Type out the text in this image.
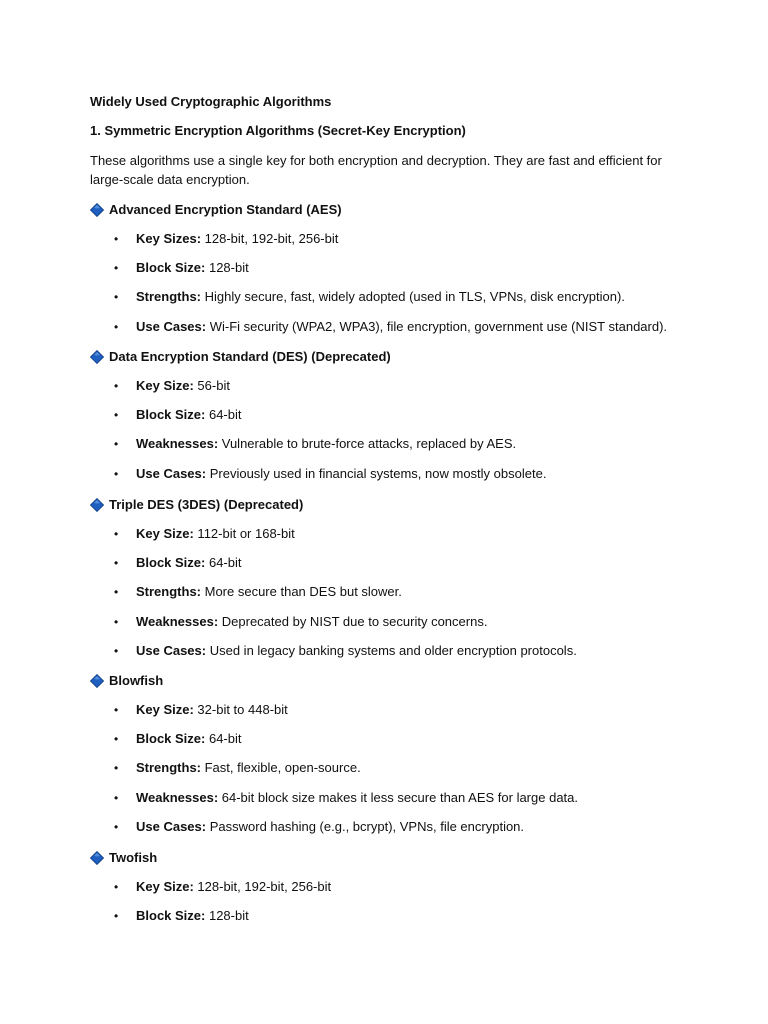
Widely Used Cryptographic Algorithms

1. Symmetric Encryption Algorithms (Secret-Key Encryption)

These algorithms use a single key for both encryption and decryption. They are fast and efficient for
large-scale data encryption.
Advanced Encryption Standard (AES)
• Key Sizes: 128-bit, 192-bit, 256-bit
• Block Size: 128-bit
• Strengths: Highly secure, fast, widely adopted (used in TLS, VPNs, disk encryption).
• Use Cases: Wi-Fi security (WPA2, WPA3), file encryption, government use (NIST standard).
Data Encryption Standard (DES) (Deprecated)
• Key Size: 56-bit
• Block Size: 64-bit
• Weaknesses: Vulnerable to brute-force attacks, replaced by AES.
• Use Cases: Previously used in financial systems, now mostly obsolete.
Triple DES (3DES) (Deprecated)
• Key Size: 112-bit or 168-bit
• Block Size: 64-bit
• Strengths: More secure than DES but slower.
• Weaknesses: Deprecated by NIST due to security concerns.
• Use Cases: Used in legacy banking systems and older encryption protocols.
Blowfish
• Key Size: 32-bit to 448-bit
• Block Size: 64-bit
• Strengths: Fast, flexible, open-source.
• Weaknesses: 64-bit block size makes it less secure than AES for large data.
• Use Cases: Password hashing (e.g., bcrypt), VPNs, file encryption.
Twofish
• Key Size: 128-bit, 192-bit, 256-bit
• Block Size: 128-bit
